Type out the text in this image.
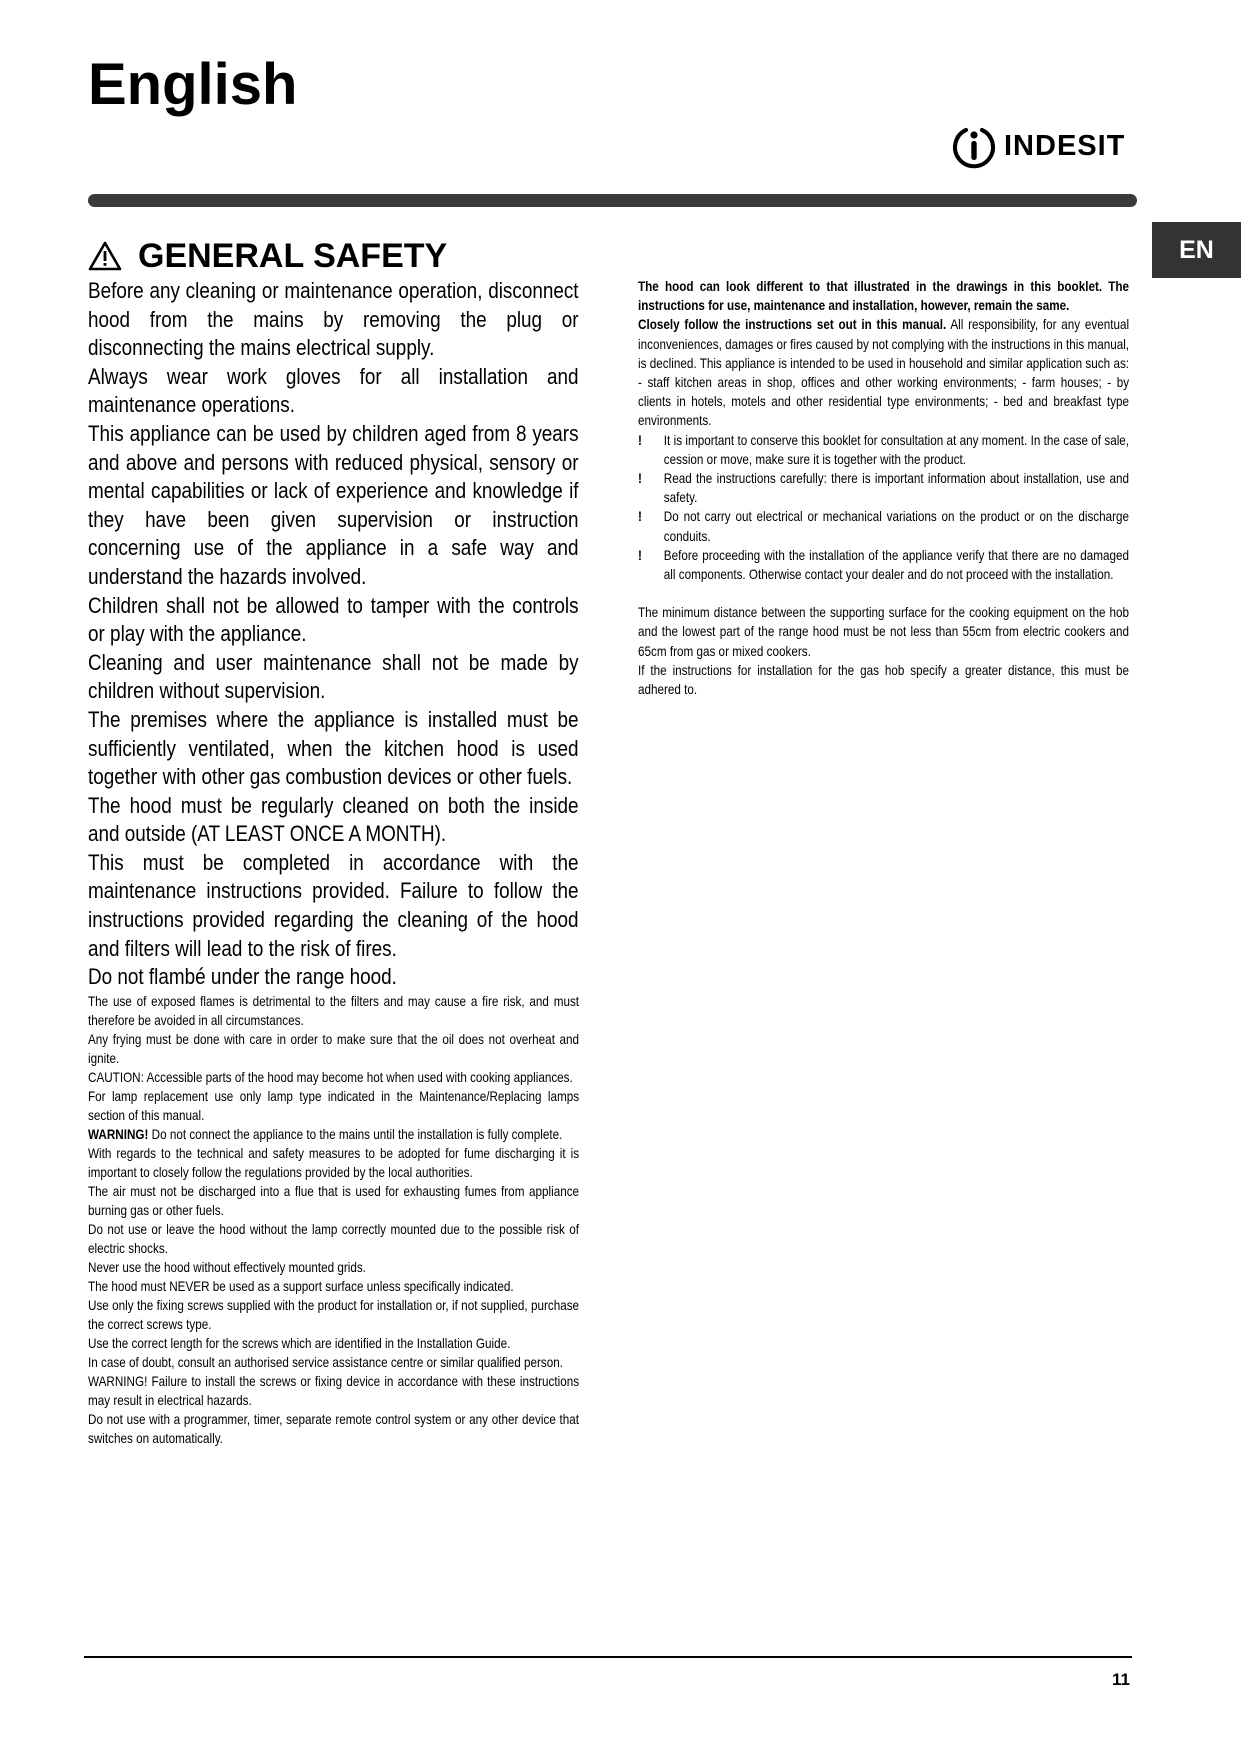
English
INDESIT
EN
GENERAL SAFETY

Before any cleaning or maintenance operation, disconnect hood from the mains by removing the plug or disconnecting the mains electrical supply.

Always wear work gloves for all installation and maintenance operations.

This appliance can be used by children aged from 8 years and above and persons with reduced physical, sensory or mental capabilities or lack of experience and knowledge if they have been given supervision or instruction concerning use of the appliance in a safe way and understand the hazards involved.

Children shall not be allowed to tamper with the controls or play with the appliance.

Cleaning and user maintenance shall not be made by children without supervision.

The premises where the appliance is installed must be sufficiently ventilated, when the kitchen hood is used together with other gas combustion devices or other fuels.

The hood must be regularly cleaned on both the inside and outside (AT LEAST ONCE A MONTH).

This must be completed in accordance with the maintenance instructions provided. Failure to follow the instructions provided regarding the cleaning of the hood and filters will lead to the risk of fires.

Do not flambé under the range hood.

The use of exposed flames is detrimental to the filters and may cause a fire risk, and must therefore be avoided in all circumstances.

Any frying must be done with care in order to make sure that the oil does not overheat and ignite.

CAUTION: Accessible parts of the hood may become hot when used with cooking appliances.

For lamp replacement use only lamp type indicated in the Maintenance/Replacing lamps section of this manual.

WARNING! Do not connect the appliance to the mains until the installation is fully complete.

With regards to the technical and safety measures to be adopted for fume discharging it is important to closely follow the regulations provided by the local authorities.

The air must not be discharged into a flue that is used for exhausting fumes from appliance burning gas or other fuels.

Do not use or leave the hood without the lamp correctly mounted due to the possible risk of electric shocks.

Never use the hood without effectively mounted grids.

The hood must NEVER be used as a support surface unless specifically indicated.

Use only the fixing screws supplied with the product for installation or, if not supplied, purchase the correct screws type.

Use the correct length for the screws which are identified in the Installation Guide.

In case of doubt, consult an authorised service assistance centre or similar qualified person.

WARNING! Failure to install the screws or fixing device in accordance with these instructions may result in electrical hazards.

Do not use with a programmer, timer, separate remote control system or any other device that switches on automatically.

The hood can look different to that illustrated in the drawings in this booklet. The instructions for use, maintenance and installation, however, remain the same.

Closely follow the instructions set out in this manual. All responsibility, for any eventual inconveniences, damages or fires caused by not complying with the instructions in this manual, is declined. This appliance is intended to be used in household and similar application such as: - staff kitchen areas in shop, offices and other working environments; - farm houses; - by clients in hotels, motels and other residential type environments; - bed and breakfast type environments.

!	It is important to conserve this booklet for consultation at any moment. In the case of sale, cession or move, make sure it is together with the product.
!	Read the instructions carefully: there is important information about installation, use and safety.
!	Do not carry out electrical or mechanical variations on the product or on the discharge conduits.
!	Before proceeding with the installation of the appliance verify that there are no damaged all components. Otherwise contact your dealer and do not proceed with the installation.

The minimum distance between the supporting surface for the cooking equipment on the hob and the lowest part of the range hood must be not less than 55cm from electric cookers and 65cm from gas or mixed cookers.

If the instructions for installation for the gas hob specify a greater distance, this must be adhered to.

11
